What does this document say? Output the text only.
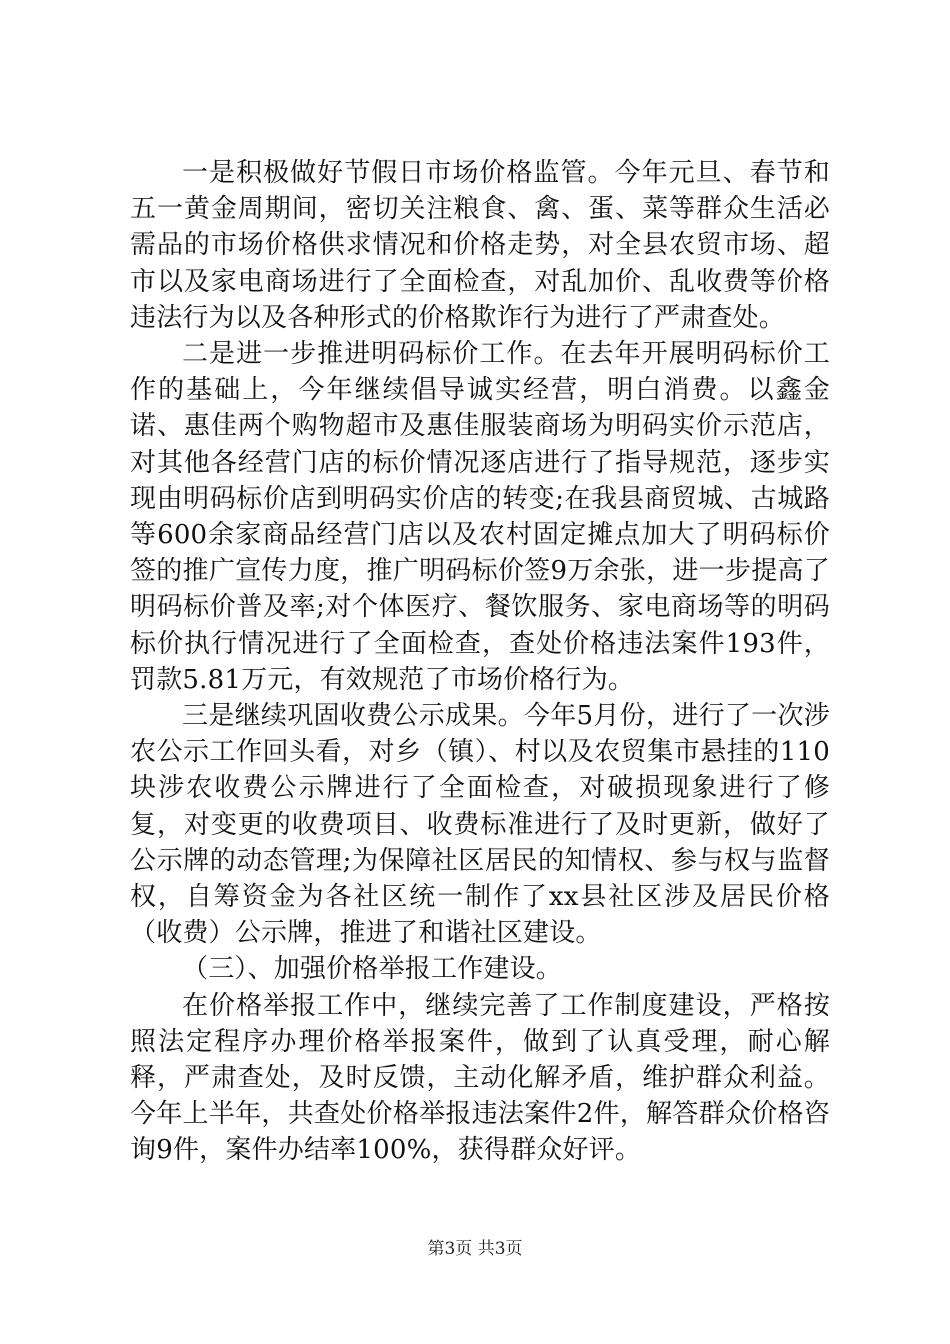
一是积极做好节假日市场价格监管。今年元旦、春节和五一黄金周期间，密切关注粮食、禽、蛋、菜等群众生活必需品的市场价格供求情况和价格走势，对全县农贸市场、超市以及家电商场进行了全面检查，对乱加价、乱收费等价格违法行为以及各种形式的价格欺诈行为进行了严肃查处。

二是进一步推进明码标价工作。在去年开展明码标价工作的基础上，今年继续倡导诚实经营，明白消费。以鑫金诺、惠佳两个购物超市及惠佳服装商场为明码实价示范店，对其他各经营门店的标价情况逐店进行了指导规范，逐步实现由明码标价店到明码实价店的转变;在我县商贸城、古城路等600余家商品经营门店以及农村固定摊点加大了明码标价签的推广宣传力度，推广明码标价签9万余张，进一步提高了明码标价普及率;对个体医疗、餐饮服务、家电商场等的明码标价执行情况进行了全面检查，查处价格违法案件193件，罚款5.81万元，有效规范了市场价格行为。

三是继续巩固收费公示成果。今年5月份，进行了一次涉农公示工作回头看，对乡（镇）、村以及农贸集市悬挂的110块涉农收费公示牌进行了全面检查，对破损现象进行了修复，对变更的收费项目、收费标准进行了及时更新，做好了公示牌的动态管理;为保障社区居民的知情权、参与权与监督权，自筹资金为各社区统一制作了xx县社区涉及居民价格（收费）公示牌，推进了和谐社区建设。

（三）、加强价格举报工作建设。

在价格举报工作中，继续完善了工作制度建设，严格按照法定程序办理价格举报案件，做到了认真受理，耐心解释，严肃查处，及时反馈，主动化解矛盾，维护群众利益。今年上半年，共查处价格举报违法案件2件，解答群众价格咨询9件，案件办结率100%，获得群众好评。

第3页 共3页
